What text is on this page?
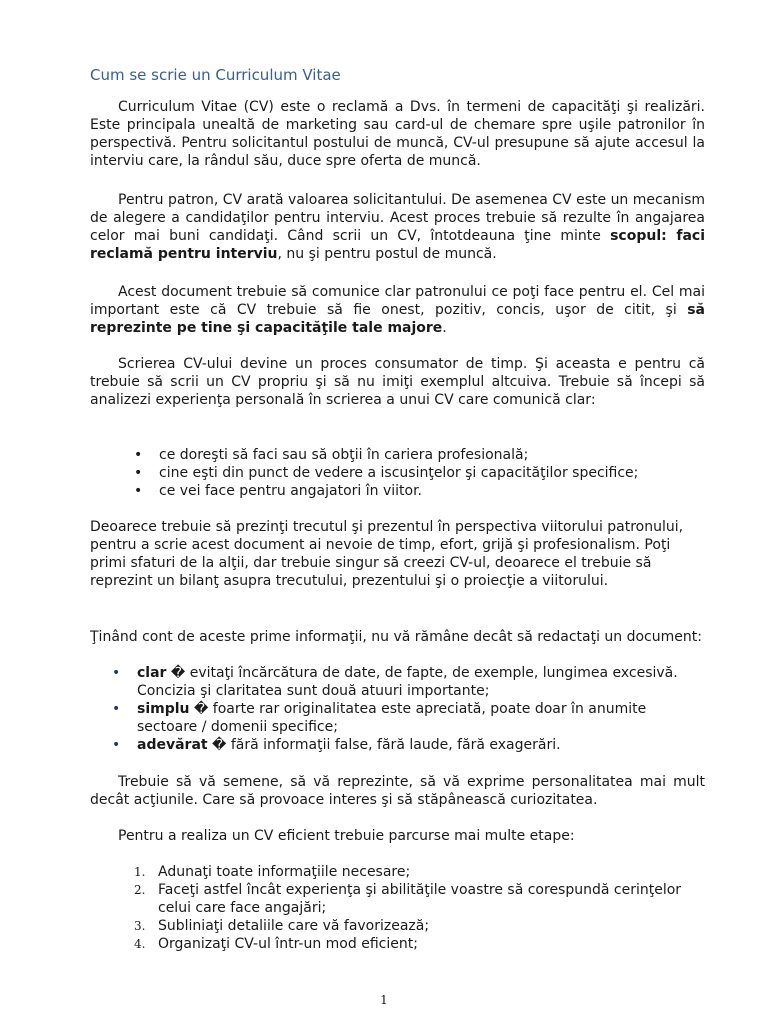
Cum se scrie un Curriculum Vitae

Curriculum Vitae (CV) este o reclamă a Dvs. în termeni de capacităţi şi realizări. Este principala unealtă de marketing sau card-ul de chemare spre uşile patronilor în perspectivă. Pentru solicitantul postului de muncă, CV-ul presupune să ajute accesul la interviu care, la rândul său, duce spre oferta de muncă.

Pentru patron, CV arată valoarea solicitantului. De asemenea CV este un mecanism de alegere a candidaţilor pentru interviu. Acest proces trebuie să rezulte în angajarea celor mai buni candidaţi. Când scrii un CV, întotdeauna ţine minte scopul: faci reclamă pentru interviu, nu şi pentru postul de muncă.

Acest document trebuie să comunice clar patronului ce poţi face pentru el. Cel mai important este că CV trebuie să fie onest, pozitiv, concis, uşor de citit, şi să reprezinte pe tine şi capacităţile tale majore.

Scrierea CV-ului devine un proces consumator de timp. Şi aceasta e pentru că trebuie să scrii un CV propriu şi să nu imiţi exemplul altcuiva. Trebuie să începi să analizezi experienţa personală în scrierea a unui CV care comunică clar:

• ce doreşti să faci sau să obţii în cariera profesională;
• cine eşti din punct de vedere a iscusinţelor şi capacităţilor specifice;
• ce vei face pentru angajatori în viitor.

Deoarece trebuie să prezinţi trecutul şi prezentul în perspectiva viitorului patronului, pentru a scrie acest document ai nevoie de timp, efort, grijă şi profesionalism. Poţi primi sfaturi de la alţii, dar trebuie singur să creezi CV-ul, deoarece el trebuie să reprezint un bilanţ asupra trecutului, prezentului şi o proiecţie a viitorului.

Ţinând cont de aceste prime informaţii, nu vă rămâne decât să redactaţi un document:

• clar � evitaţi încărcătura de date, de fapte, de exemple, lungimea excesivă. Concizia şi claritatea sunt două atuuri importante;
• simplu � foarte rar originalitatea este apreciată, poate doar în anumite sectoare / domenii specifice;
• adevărat � fără informaţii false, fără laude, fără exagerări.

Trebuie să vă semene, să vă reprezinte, să vă exprime personalitatea mai mult decât acţiunile. Care să provoace interes şi să stăpânească curiozitatea.

Pentru a realiza un CV eficient trebuie parcurse mai multe etape:

1. Adunaţi toate informaţiile necesare;
2. Faceţi astfel încât experienţa şi abilităţile voastre să corespundă cerinţelor celui care face angajări;
3. Subliniaţi detaliile care vă favorizează;
4. Organizaţi CV-ul într-un mod eficient;

1
